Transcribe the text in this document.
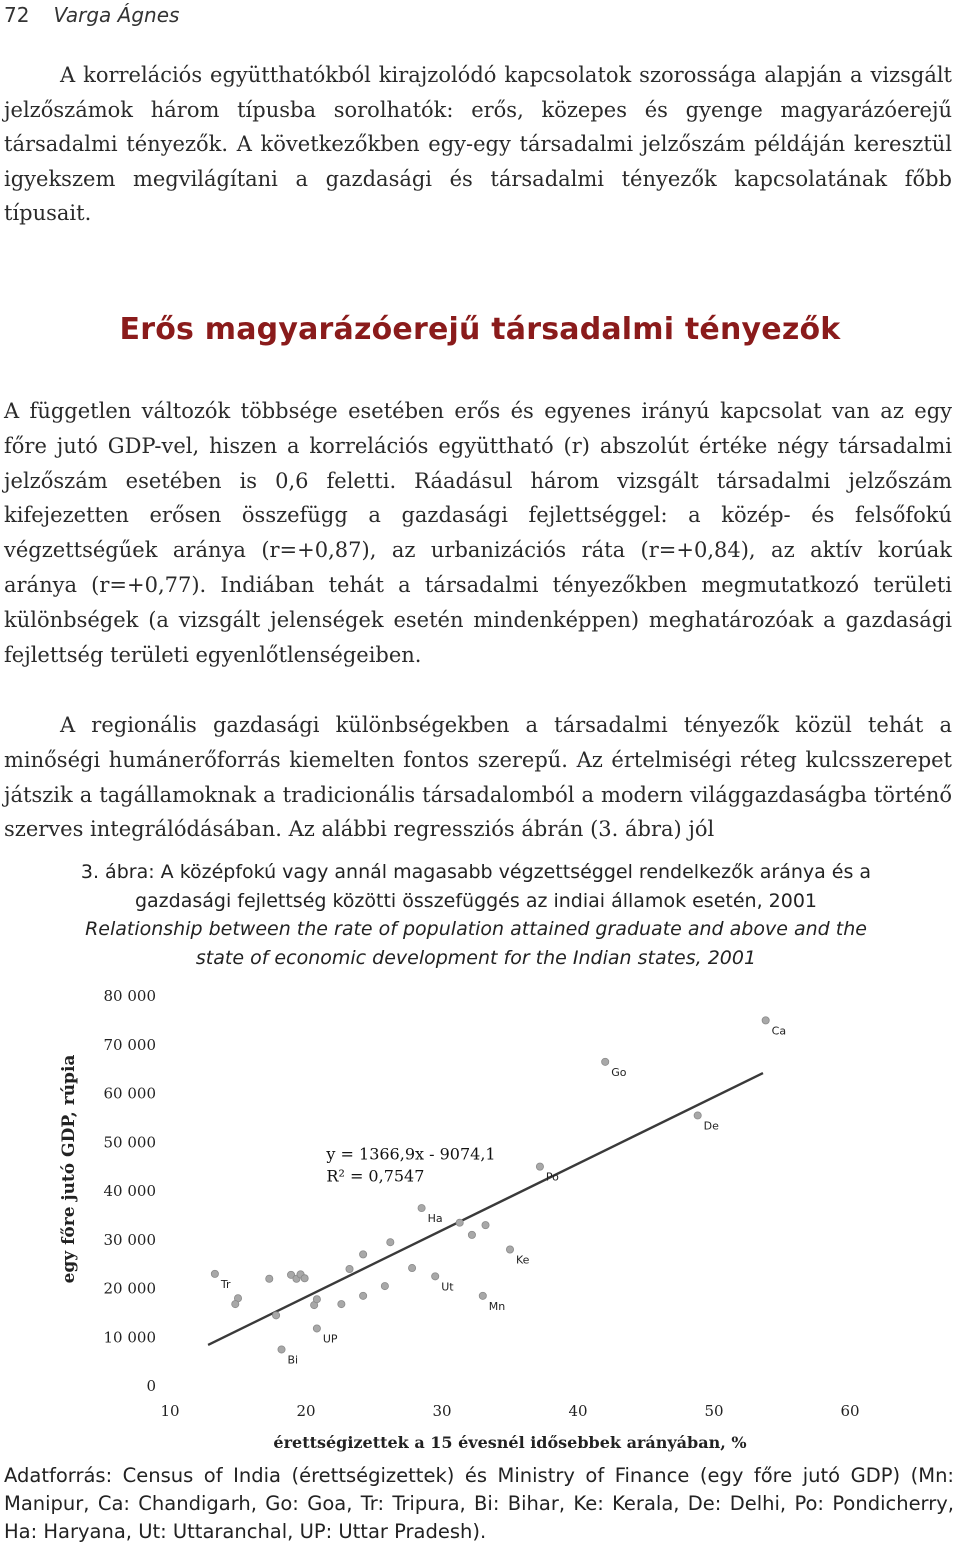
72 Varga Ágnes

A korrelációs együtthatókból kirajzolódó kapcsolatok szorossága alapján a vizsgált jelzőszámok három típusba sorolhatók: erős, közepes és gyenge magyarázóerejű társadalmi tényezők. A következőkben egy-egy társadalmi jelzőszám példáján keresztül igyekszem megvilágítani a gazdasági és társadalmi tényezők kapcsolatának főbb típusait.

Erős magyarázóerejű társadalmi tényezők

A független változók többsége esetében erős és egyenes irányú kapcsolat van az egy főre jutó GDP-vel, hiszen a korrelációs együttható (r) abszolút értéke négy társadalmi jelzőszám esetében is 0,6 feletti. Ráadásul három vizsgált társadalmi jelzőszám kifejezetten erősen összefügg a gazdasági fejlettséggel: a közép- és felsőfokú végzettségűek aránya (r=+0,87), az urbanizációs ráta (r=+0,84), az aktív korúak aránya (r=+0,77). Indiában tehát a társadalmi tényezőkben megmutatkozó területi különbségek (a vizsgált jelenségek esetén mindenképpen) meghatározóak a gazdasági fejlettség területi egyenlőtlenségeiben.

A regionális gazdasági különbségekben a társadalmi tényezők közül tehát a minőségi humánerőforrás kiemelten fontos szerepű. Az értelmiségi réteg kulcsszerepet játszik a tagállamoknak a tradicionális társadalomból a modern világgazdaságba történő szerves integrálódásában. Az alábbi regressziós ábrán (3. ábra) jól

3. ábra: A középfokú vagy annál magasabb végzettséggel rendelkezők aránya és a
gazdasági fejlettség közötti összefüggés az indiai államok esetén, 2001
Relationship between the rate of population attained graduate and above and the
state of economic development for the Indian states, 2001
0
10 000
20 000
30 000
40 000
50 000
60 000
70 000
80 000
10	20	30	40	50	60
érettségizettek a 15 évesnél idősebbek arányában, %
egy főre jutó GDP, rúpia	y = 1366,9x - 9074,1
R² = 0,7547
Ca
Go
De
Po
Ha
Ke
Ut
Mn
Tr
Bi
UP

Adatforrás: Census of India (érettségizettek) és Ministry of Finance (egy főre jutó GDP) (Mn: Manipur, Ca: Chandigarh, Go: Goa, Tr: Tripura, Bi: Bihar, Ke: Kerala, De: Delhi, Po: Pondicherry, Ha: Haryana, Ut: Uttaranchal, UP: Uttar Pradesh).
